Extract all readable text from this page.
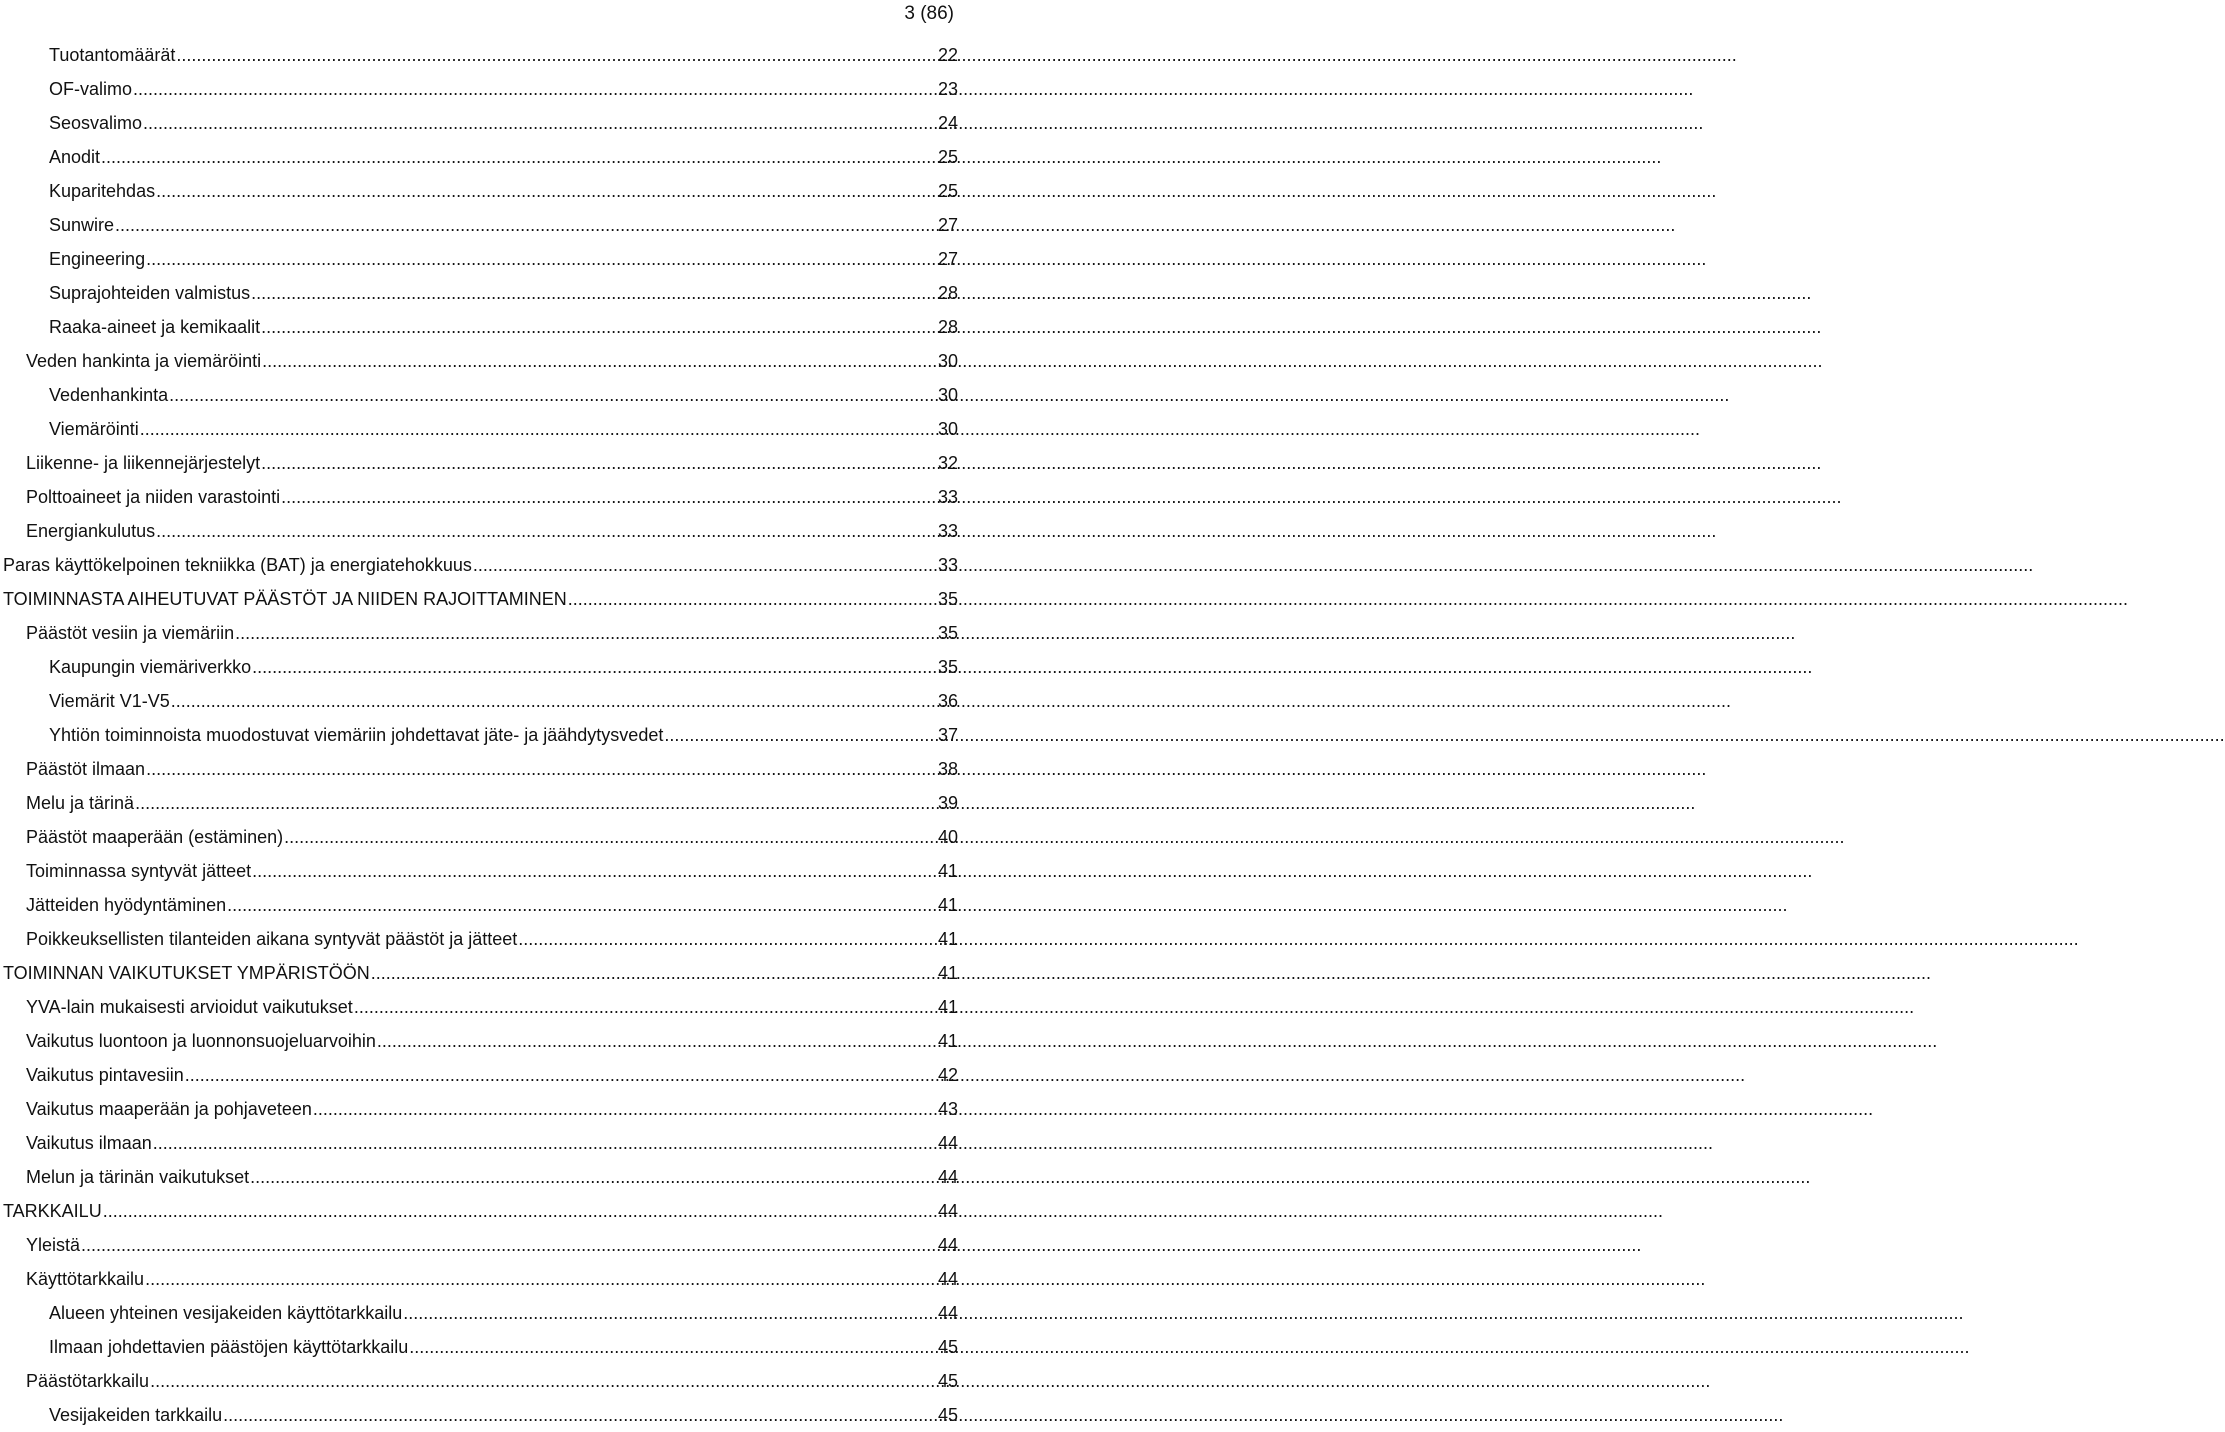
3 (86)
Tuotantomäärät .....	22
OF-valimo .....	23
Seosvalimo .....	24
Anodit .....	25
Kuparitehdas .....	25
Sunwire .....	27
Engineering .....	27
Suprajohteiden valmistus .....	28
Raaka-aineet ja kemikaalit .....	28
Veden hankinta ja viemäröinti .....	30
Vedenhankinta .....	30
Viemäröinti .....	30
Liikenne- ja liikennejärjestelyt .....	32
Polttoaineet ja niiden varastointi .....	33
Energiankulutus .....	33
Paras käyttökelpoinen tekniikka (BAT) ja energiatehokkuus .....	33
TOIMINNASTA AIHEUTUVAT PÄÄSTÖT JA NIIDEN RAJOITTAMINEN .....	35
Päästöt vesiin ja viemäriin .....	35
Kaupungin viemäriverkko .....	35
Viemärit V1-V5 .....	36
Yhtiön toiminnoista muodostuvat viemäriin johdettavat jäte- ja jäähdytysvedet .....	37
Päästöt ilmaan .....	38
Melu ja tärinä .....	39
Päästöt maaperään (estäminen) .....	40
Toiminnassa syntyvät jätteet .....	41
Jätteiden hyödyntäminen .....	41
Poikkeuksellisten tilanteiden aikana syntyvät päästöt ja jätteet .....	41
TOIMINNAN VAIKUTUKSET YMPÄRISTÖÖN .....	41
YVA-lain mukaisesti arvioidut vaikutukset .....	41
Vaikutus luontoon ja luonnonsuojeluarvoihin .....	41
Vaikutus pintavesiin .....	42
Vaikutus maaperään ja pohjaveteen .....	43
Vaikutus ilmaan .....	44
Melun ja tärinän vaikutukset .....	44
TARKKAILU .....	44
Yleistä .....	44
Käyttötarkkailu .....	44
Alueen yhteinen vesijakeiden käyttötarkkailu .....	44
Ilmaan johdettavien päästöjen käyttötarkkailu .....	45
Päästötarkkailu .....	45
Vesijakeiden tarkkailu .....	45
